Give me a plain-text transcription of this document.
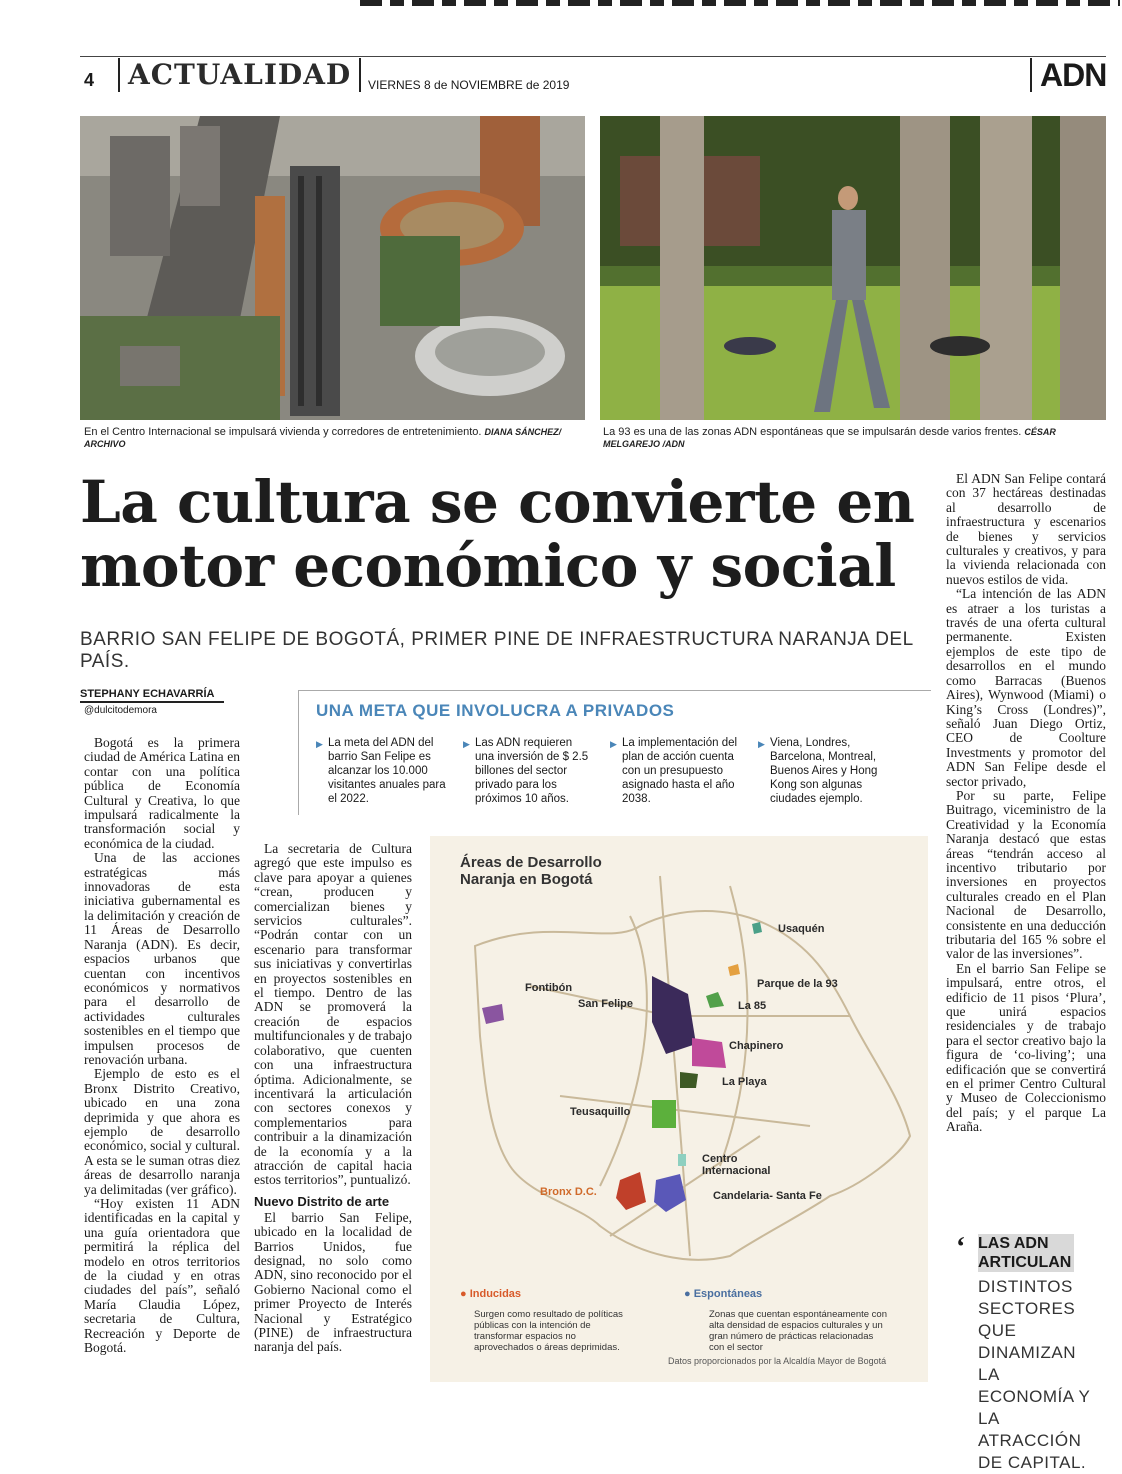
4	ACTUALIDAD	VIERNES 8 de NOVIEMBRE de 2019	ADN
En el Centro Internacional se impulsará vivienda y corredores de entretenimiento. DIANA SÁNCHEZ/ ARCHIVO
La 93 es una de las zonas ADN espontáneas que se impulsarán desde varios frentes. CÉSAR MELGAREJO /ADN
La cultura se convierte en
motor económico y social
BARRIO SAN FELIPE DE BOGOTÁ, PRIMER PINE DE INFRAESTRUCTURA NARANJA DEL PAÍS.
STEPHANY ECHAVARRÍA
@dulcitodemora

Bogotá es la primera ciudad de América Latina en contar con una política pública de Economía Cultural y Creativa, lo que impulsará radicalmente la transformación social y económica de la ciudad.

Una de las acciones estratégicas más innovadoras de esta iniciativa gubernamental es la delimitación y creación de 11 Áreas de Desarrollo Naranja (ADN). Es decir, espacios urbanos que cuentan con incentivos económicos y normativos para el desarrollo de actividades culturales sostenibles en el tiempo que impulsen procesos de renovación urbana.

Ejemplo de esto es el Bronx Distrito Creativo, ubicado en una zona deprimida y que ahora es ejemplo de desarrollo económico, social y cultural. A esta se le suman otras diez áreas de desarrollo naranja ya delimitadas (ver gráfico).

“Hoy existen 11 ADN identificadas en la capital y una guía orientadora que permitirá la réplica del modelo en otros territorios de la ciudad y en otras ciudades del país”, señaló María Claudia López, secretaria de Cultura, Recreación y Deporte de Bogotá.

UNA META QUE INVOLUCRA A PRIVADOS
▶ La meta del ADN del barrio San Felipe es alcanzar los 10.000 visitantes anuales para el 2022.
▶ Las ADN requieren una inversión de $ 2.5 billones del sector privado para los próximos 10 años.
▶ La implementación del plan de acción cuenta con un presupuesto asignado hasta el año 2038.
▶ Viena, Londres, Barcelona, Montreal, Buenos Aires y Hong Kong son algunas ciudades ejemplo.

La secretaria de Cultura agregó que este impulso es clave para apoyar a quienes “crean, producen y comercializan bienes y servicios culturales”. “Podrán contar con un escenario para transformar sus iniciativas y convertirlas en proyectos sostenibles en el tiempo. Dentro de las ADN se promoverá la creación de espacios multifuncionales y de trabajo colaborativo, que cuenten con una infraestructura óptima. Adicionalmente, se incentivará la articulación con sectores conexos y complementarios para contribuir a la dinamización de la economía y a la atracción de capital hacia estos territorios”, puntualizó.

Nuevo Distrito de arte

El barrio San Felipe, ubicado en la localidad de Barrios Unidos, fue designad, no solo como ADN, sino reconocido por el Gobierno Nacional como el primer Proyecto de Interés Nacional y Estratégico (PINE) de infraestructura naranja del país.

Áreas de Desarrollo
Naranja en Bogotá
Usaquén
Parque de la 93
La 85
Fontibón
San Felipe
Chapinero
La Playa
Teusaquillo
Centro Internacional
Bronx D.C.	Candelaria- Santa Fe
● Inducidas
Surgen como resultado de políticas públicas con la intención de transformar espacios no aprovechados o áreas deprimidas.
● Espontáneas
Zonas que cuentan espontáneamente con alta densidad de espacios culturales y un gran número de prácticas relacionadas con el sector
Datos proporcionados por la Alcaldía Mayor de Bogotá

El ADN San Felipe contará con 37 hectáreas destinadas al desarrollo de infraestructura y escenarios de bienes y servicios culturales y creativos, y para la vivienda relacionada con nuevos estilos de vida.

“La intención de las ADN es atraer a los turistas a través de una oferta cultural permanente. Existen ejemplos de este tipo de desarrollos en el mundo como Barracas (Buenos Aires), Wynwood (Miami) o King’s Cross (Londres)”, señaló Juan Diego Ortiz, CEO de Coolture Investments y promotor del ADN San Felipe desde el sector privado,

Por su parte, Felipe Buitrago, viceministro de la Creatividad y la Economía Naranja destacó que estas áreas “tendrán acceso al incentivo tributario por inversiones en proyectos culturales creado en el Plan Nacional de Desarrollo, consistente en una deducción tributaria del 165 % sobre el valor de las inversiones”.

En el barrio San Felipe se impulsará, entre otros, el edificio de 11 pisos ‘Plura’, que unirá espacios residenciales y de trabajo para el sector creativo bajo la figura de ‘co-living’; una edificación que se convertirá en el primer Centro Cultural y Museo de Coleccionismo del país; y el parque La Araña.

‘ LAS ADN ARTICULAN
DISTINTOS SECTORES QUE DINAMIZAN LA ECONOMÍA Y LA ATRACCIÓN DE CAPITAL.
